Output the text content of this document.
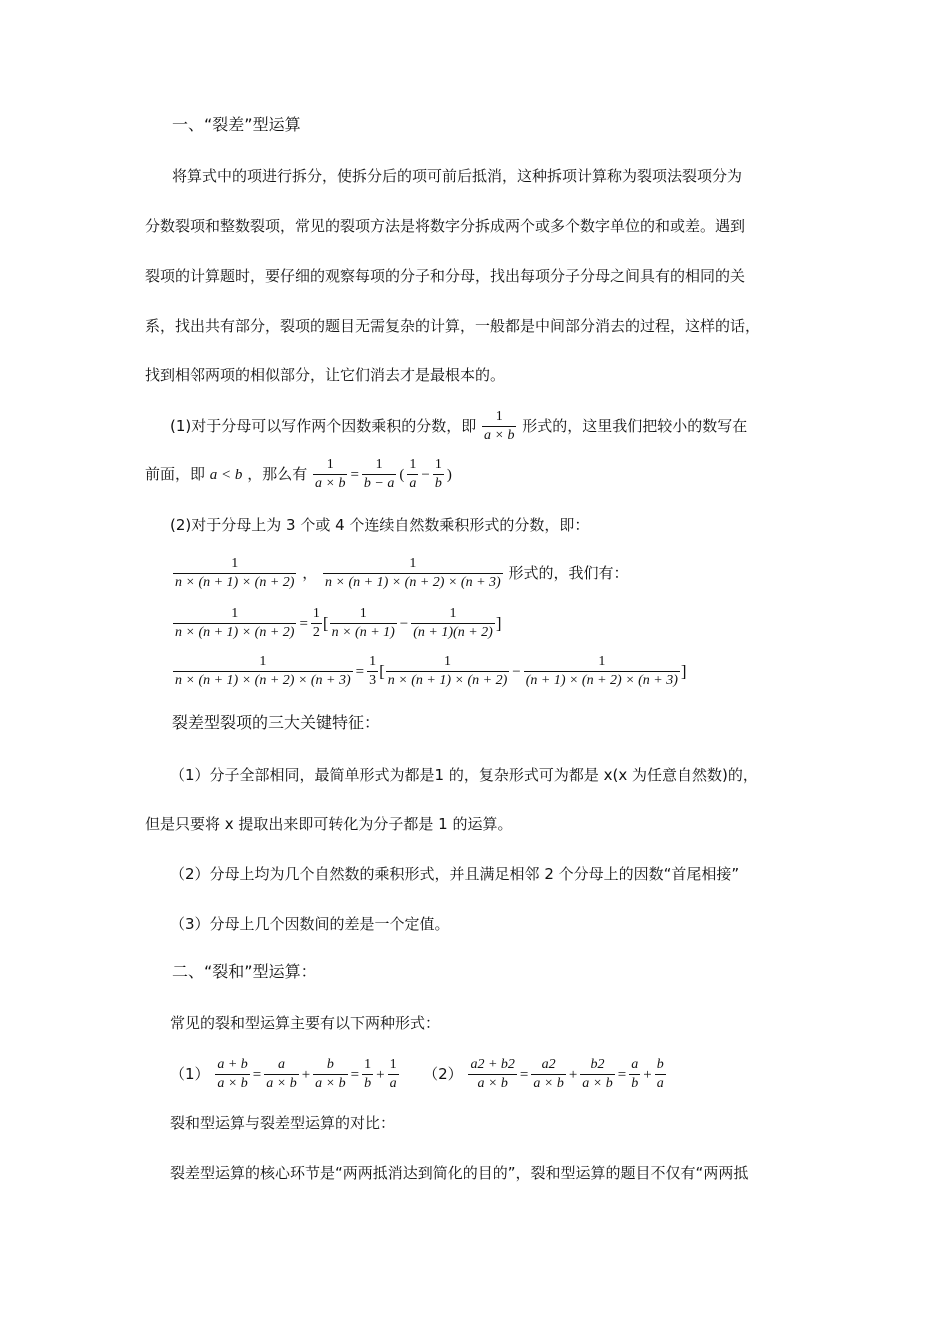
一、“裂差”型运算
将算式中的项进行拆分，使拆分后的项可前后抵消，这种拆项计算称为裂项法裂项分为
分数裂项和整数裂项，常见的裂项方法是将数字分拆成两个或多个数字单位的和或差。遇到
裂项的计算题时，要仔细的观察每项的分子和分母，找出每项分子分母之间具有的相同的关
系，找出共有部分，裂项的题目无需复杂的计算，一般都是中间部分消去的过程，这样的话，
找到相邻两项的相似部分，让它们消去才是最根本的。
(1)对于分母可以写作两个因数乘积的分数，即 $\frac{1}{a \times b}$ 形式的，这里我们把较小的数写在
前面，即 a < b ，那么有 $\frac{1}{a \times b} = \frac{1}{b - a}$ ( $\frac{1}{a} - \frac{1}{b}$ )
(2)对于分母上为 3 个或 4 个连续自然数乘积形式的分数，即：
$\frac{1}{n \times (n + 1) \times (n + 2)}$ ， $\frac{1}{n \times (n + 1) \times (n + 2) \times (n + 3)}$ 形式的，我们有：
$\frac{1}{n \times (n + 1) \times (n + 2)} = \frac{1}{2}$ [ $\frac{1}{n \times (n + 1)} - \frac{1}{(n + 1)(n + 2)}$ ]
$\frac{1}{n \times (n + 1) \times (n + 2) \times (n + 3)} = \frac{1}{3}$ [ $\frac{1}{n \times (n + 1) \times (n + 2)} - \frac{1}{(n + 1) \times (n + 2) \times (n + 3)}$ ]
裂差型裂项的三大关键特征：
（1）分子全部相同，最简单形式为都是1 的，复杂形式可为都是 x(x 为任意自然数)的，
但是只要将 x 提取出来即可转化为分子都是 1 的运算。
（2）分母上均为几个自然数的乘积形式，并且满足相邻 2 个分母上的因数“首尾相接”
（3）分母上几个因数间的差是一个定值。
二、“裂和”型运算：
常见的裂和型运算主要有以下两种形式：
$(1) \frac{a + b}{a \times b} = \frac{a}{a \times b} + \frac{b}{a \times b} = \frac{1}{b} + \frac{1}{a} (2) \frac{a2 + b2}{a \times b} = \frac{a2}{a \times b} + \frac{b2}{a \times b} = \frac{a}{b} + \frac{b}{a}$
裂和型运算与裂差型运算的对比：
裂差型运算的核心环节是“两两抵消达到简化的目的”，裂和型运算的题目不仅有“两两抵
